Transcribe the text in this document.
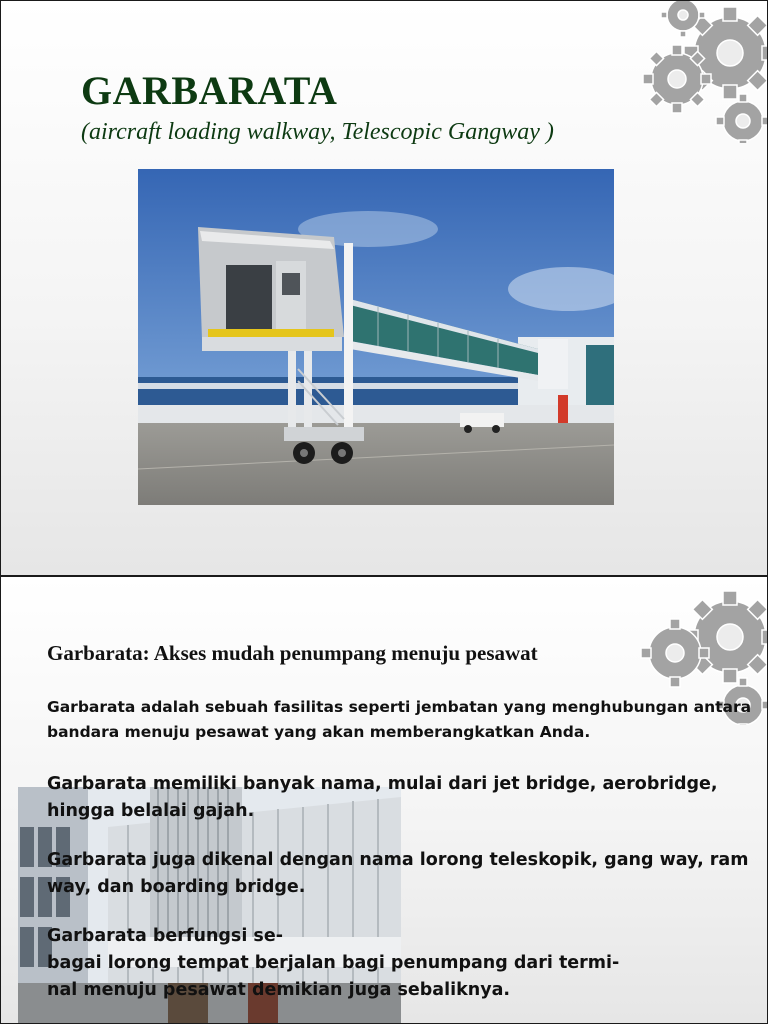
GARBARATA

(aircraft loading walkway, Telescopic Gangway )

Garbarata: Akses mudah penumpang menuju pesawat

Garbarata adalah sebuah fasilitas seperti jembatan yang menghubungan antara
bandara menuju pesawat yang akan memberangkatkan Anda.

Garbarata memiliki banyak nama, mulai dari jet bridge, aerobridge,
hingga belalai gajah.

Garbarata juga dikenal dengan nama lorong teleskopik, gang way, ram
way, dan boarding bridge.

Garbarata berfungsi se-
bagai lorong tempat berjalan bagi penumpang dari termi-
nal menuju pesawat demikian juga sebaliknya.
